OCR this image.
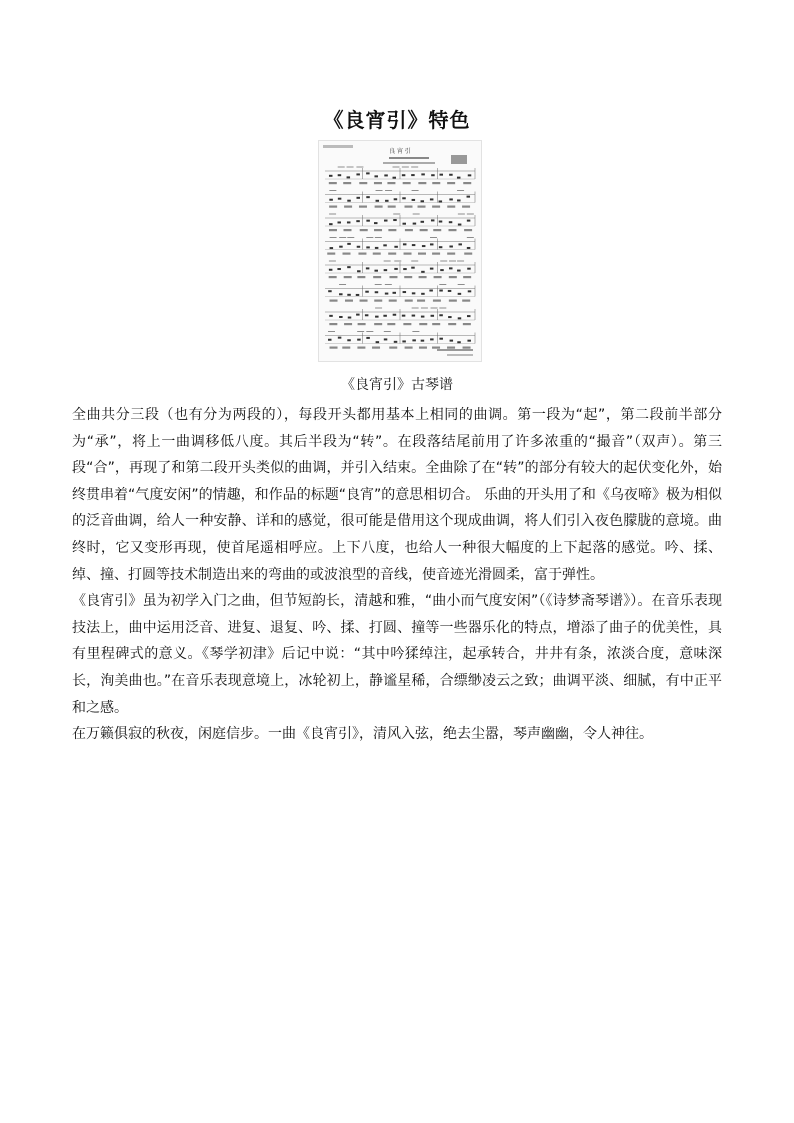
《良宵引》特色
良 宵 引
《良宵引》古琴谱

全曲共分三段（也有分为两段的），每段开头都用基本上相同的曲调。第一段为“起”，第二段前半部分为“承”，将上一曲调移低八度。其后半段为“转”。在段落结尾前用了许多浓重的“撮音”（双声）。第三段“合”，再现了和第二段开头类似的曲调，并引入结束。全曲除了在“转”的部分有较大的起伏变化外，始终贯串着“气度安闲”的情趣，和作品的标题“良宵”的意思相切合。 乐曲的开头用了和《乌夜啼》极为相似的泛音曲调，给人一种安静、详和的感觉，很可能是借用这个现成曲调，将人们引入夜色朦胧的意境。曲终时，它又变形再现，使首尾遥相呼应。上下八度，也给人一种很大幅度的上下起落的感觉。吟、揉、绰、撞、打圆等技术制造出来的弯曲的或波浪型的音线，使音迹光滑圆柔，富于弹性。

《良宵引》虽为初学入门之曲，但节短韵长，清越和雅，“曲小而气度安闲”（《诗梦斋琴谱》）。在音乐表现技法上，曲中运用泛音、进复、退复、吟、揉、打圆、撞等一些器乐化的特点，增添了曲子的优美性，具有里程碑式的意义。《琴学初津》后记中说：“其中吟猱绰注，起承转合，井井有条，浓淡合度，意味深长，洵美曲也。”在音乐表现意境上，冰轮初上，静谧星稀，合缥缈凌云之致；曲调平淡、细腻，有中正平和之感。

在万籁俱寂的秋夜，闲庭信步。一曲《良宵引》，清风入弦，绝去尘嚣，琴声幽幽，令人神往。
